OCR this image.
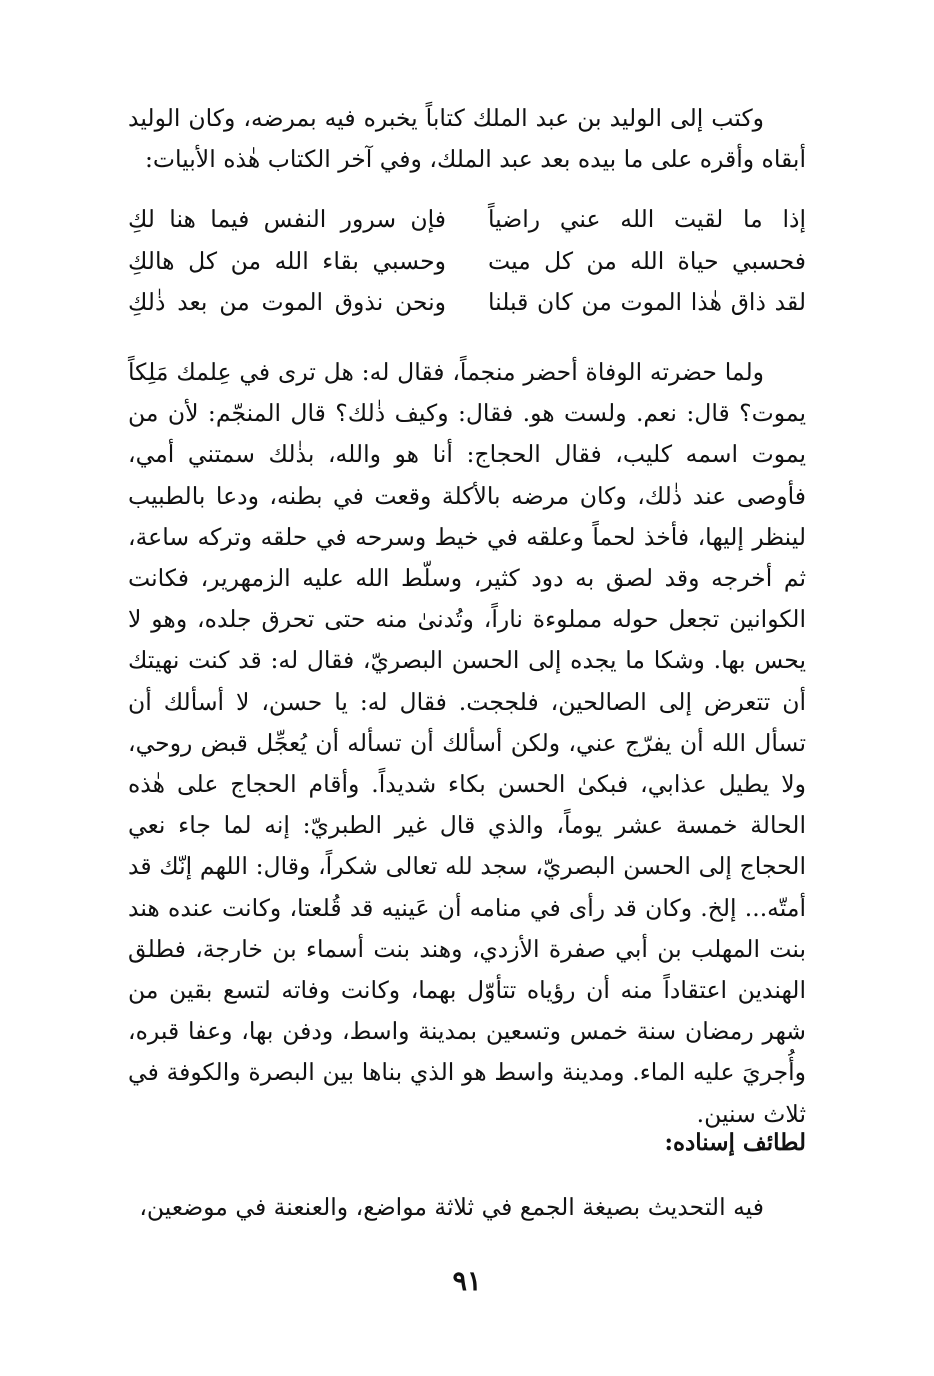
وكتب إلى الوليد بن عبد الملك كتاباً يخبره فيه بمرضه، وكان الوليد أبقاه وأقره على ما بيده بعد عبد الملك، وفي آخر الكتاب هٰذه الأبيات:

إذا ما لقيت الله عني راضياً
فإن سرور النفس فيما هنا لكِ
فحسبي حياة الله من كل ميت
وحسبي بقاء الله من كل هالكِ
لقد ذاق هٰذا الموت من كان قبلنا
ونحن نذوق الموت من بعد ذٰلكِ

ولما حضرته الوفاة أحضر منجماً، فقال له: هل ترى في عِلمك مَلِكاً يموت؟ قال: نعم. ولست هو. فقال: وكيف ذٰلك؟ قال المنجّم: لأن من يموت اسمه كليب، فقال الحجاج: أنا هو والله، بذٰلك سمتني أمي، فأوصى عند ذٰلك، وكان مرضه بالأكلة وقعت في بطنه، ودعا بالطبيب لينظر إليها، فأخذ لحماً وعلقه في خيط وسرحه في حلقه وتركه ساعة، ثم أخرجه وقد لصق به دود كثير، وسلّط الله عليه الزمهرير، فكانت الكوانين تجعل حوله مملوءة ناراً، وتُدنىٰ منه حتى تحرق جلده، وهو لا يحس بها. وشكا ما يجده إلى الحسن البصريّ، فقال له: قد كنت نهيتك أن تتعرض إلى الصالحين، فلججت. فقال له: يا حسن، لا أسألك أن تسأل الله أن يفرّج عني، ولكن أسألك أن تسأله أن يُعجِّل قبض روحي، ولا يطيل عذابي، فبكىٰ الحسن بكاء شديداً. وأقام الحجاج على هٰذه الحالة خمسة عشر يوماً، والذي قال غير الطبريّ: إنه لما جاء نعي الحجاج إلى الحسن البصريّ، سجد لله تعالى شكراً، وقال: اللهم إنّك قد أمتّه... إلخ. وكان قد رأى في منامه أن عَينيه قد قُلعتا، وكانت عنده هند بنت المهلب بن أبي صفرة الأزدي، وهند بنت أسماء بن خارجة، فطلق الهندين اعتقاداً منه أن رؤياه تتأوّل بهما، وكانت وفاته لتسع بقين من شهر رمضان سنة خمس وتسعين بمدينة واسط، ودفن بها، وعفا قبره، وأُجريَ عليه الماء. ومدينة واسط هو الذي بناها بين البصرة والكوفة في ثلاث سنين.

لطائف إسناده:

فيه التحديث بصيغة الجمع في ثلاثة مواضع، والعنعنة في موضعين،

٩١
